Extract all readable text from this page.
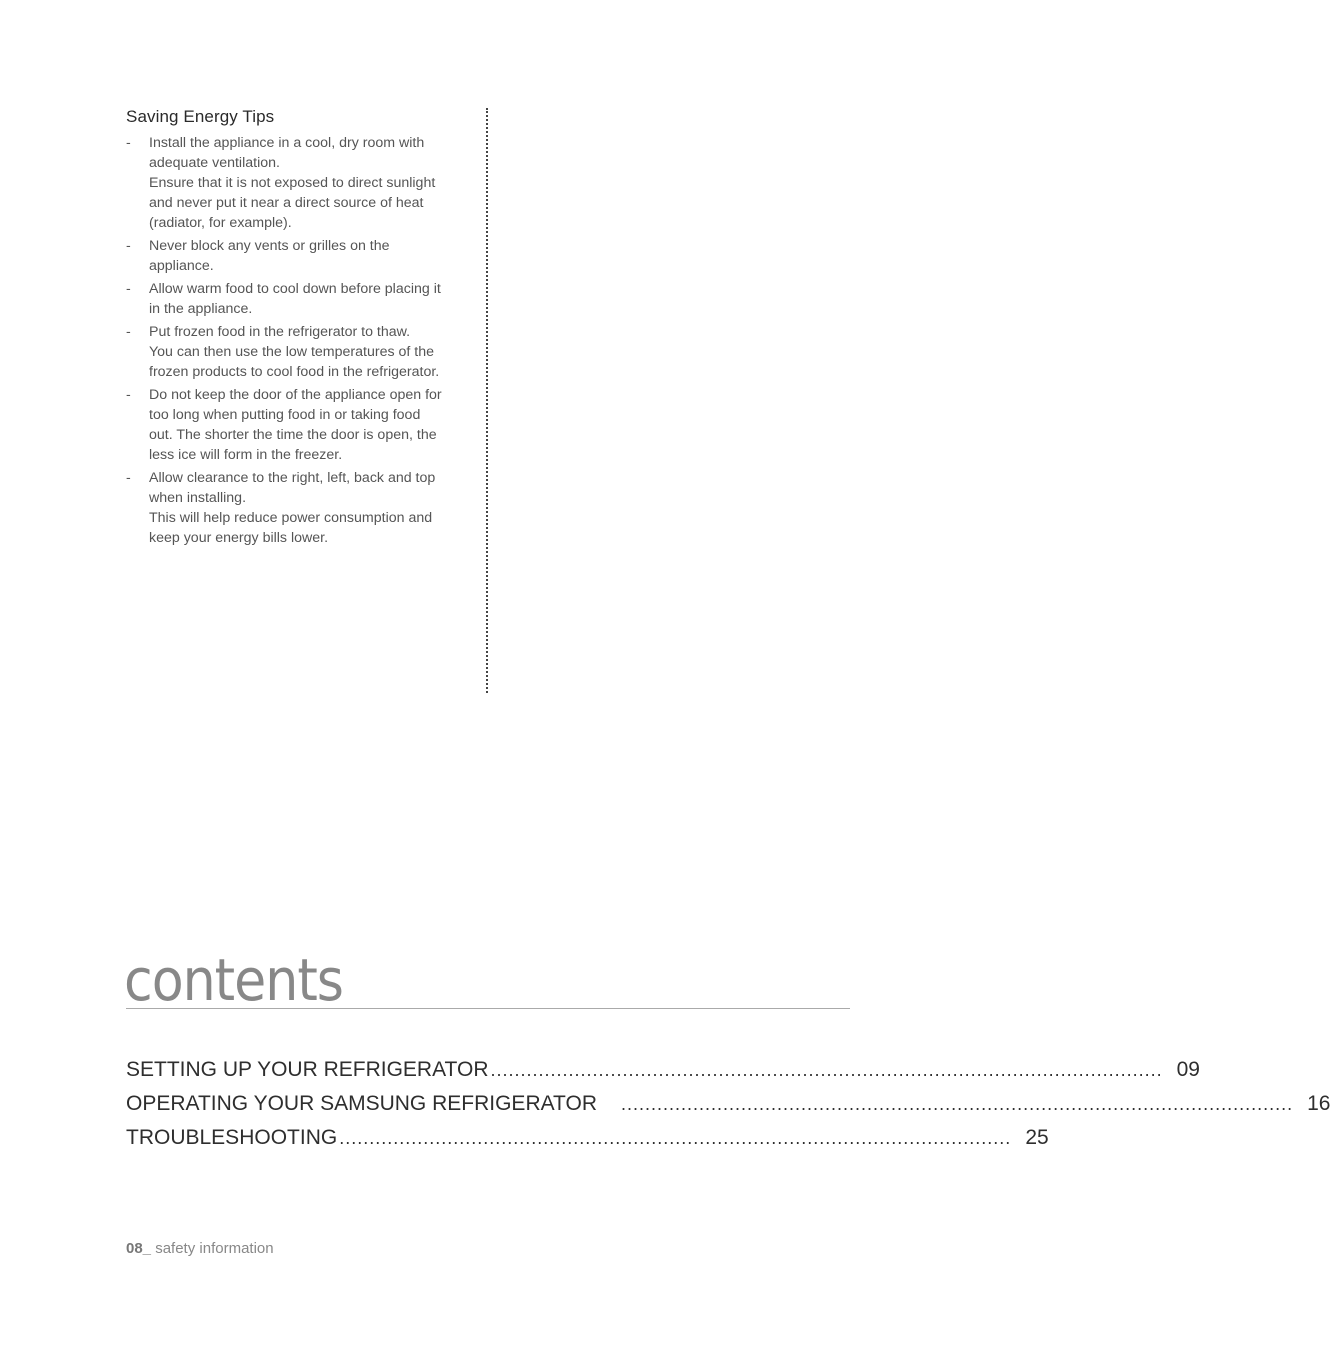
Saving Energy Tips
- Install the appliance in a cool, dry room with
adequate ventilation.
Ensure that it is not exposed to direct sunlight
and never put it near a direct source of heat
(radiator, for example).
- Never block any vents or grilles on the
appliance.
- Allow warm food to cool down before placing it
in the appliance.
- Put frozen food in the refrigerator to thaw.
You can then use the low temperatures of the
frozen products to cool food in the refrigerator.
- Do not keep the door of the appliance open for
too long when putting food in or taking food
out. The shorter the time the door is open, the
less ice will form in the freezer.
- Allow clearance to the right, left, back and top
when installing.
This will help reduce power consumption and
keep your energy bills lower.
contents
SETTING UP YOUR REFRIGERATOR ................................................................................................................ 09
OPERATING YOUR SAMSUNG REFRIGERATOR ................................................................................................................ 16
TROUBLESHOOTING ................................................................................................................ 25
08_ safety information
